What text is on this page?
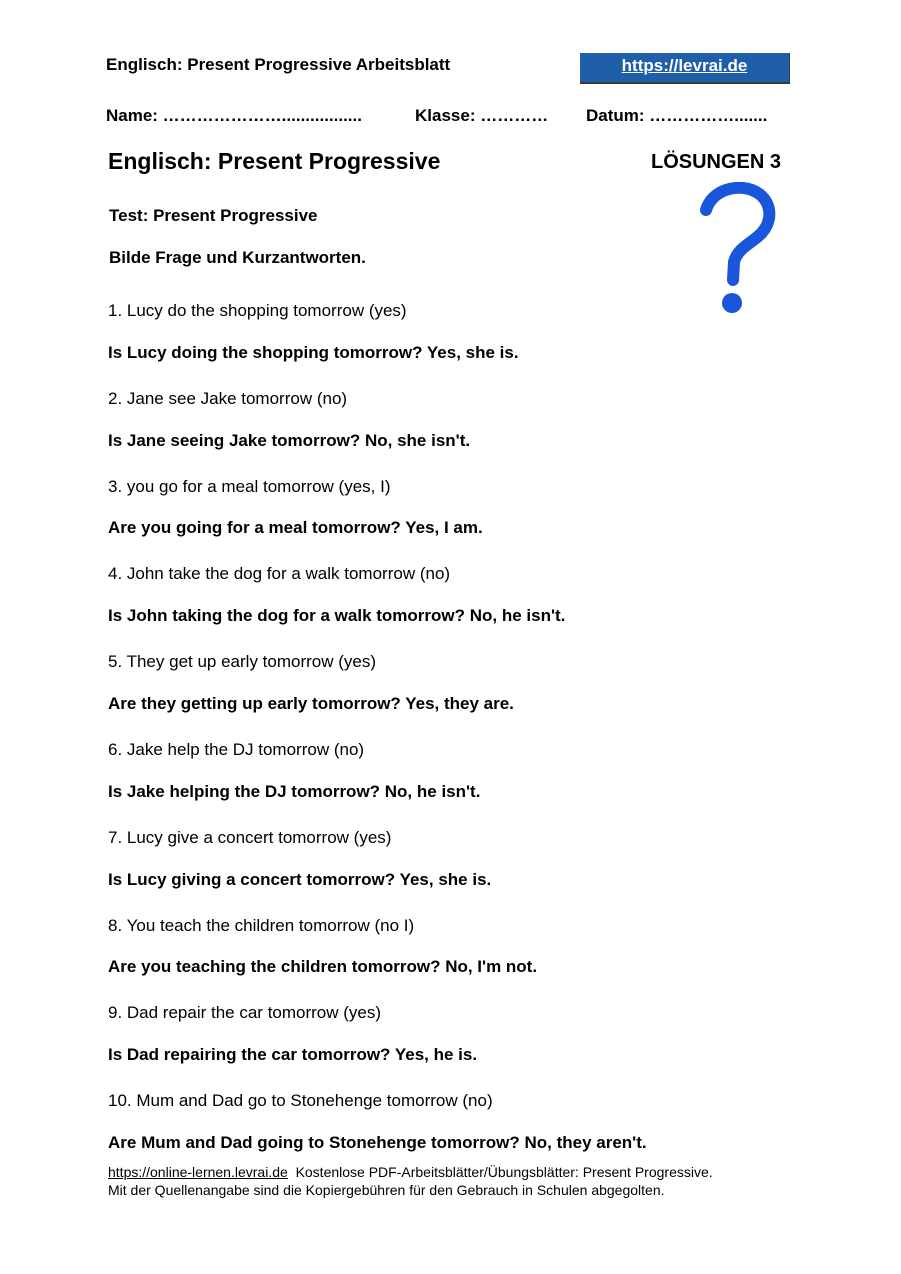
Englisch: Present Progressive Arbeitsblatt	https://levrai.de
Name: ………………….................	Klasse: ………… Datum: …………….......
Englisch: Present Progressive	LÖSUNGEN 3
Test: Present Progressive
Bilde Frage und Kurzantworten.
1. Lucy do the shopping tomorrow (yes)
Is Lucy doing the shopping tomorrow? Yes, she is.
2. Jane see Jake tomorrow (no)
Is Jane seeing Jake tomorrow? No, she isn't.
3. you go for a meal tomorrow (yes, I)
Are you going for a meal tomorrow? Yes, I am.
4. John take the dog for a walk tomorrow (no)
Is John taking the dog for a walk tomorrow? No, he isn't.
5. They get up early tomorrow (yes)
Are they getting up early tomorrow? Yes, they are.
6. Jake help the DJ tomorrow (no)
Is Jake helping the DJ tomorrow? No, he isn't.
7. Lucy give a concert tomorrow (yes)
Is Lucy giving a concert tomorrow? Yes, she is.
8. You teach the children tomorrow (no I)
Are you teaching the children tomorrow? No, I'm not.
9. Dad repair the car tomorrow (yes)
Is Dad repairing the car tomorrow? Yes, he is.
10. Mum and Dad go to Stonehenge tomorrow (no)
Are Mum and Dad going to Stonehenge tomorrow? No, they aren't.
https://online-lernen.levrai.de Kostenlose PDF-Arbeitsblätter/Übungsblätter: Present Progressive.
Mit der Quellenangabe sind die Kopiergebühren für den Gebrauch in Schulen abgegolten.
